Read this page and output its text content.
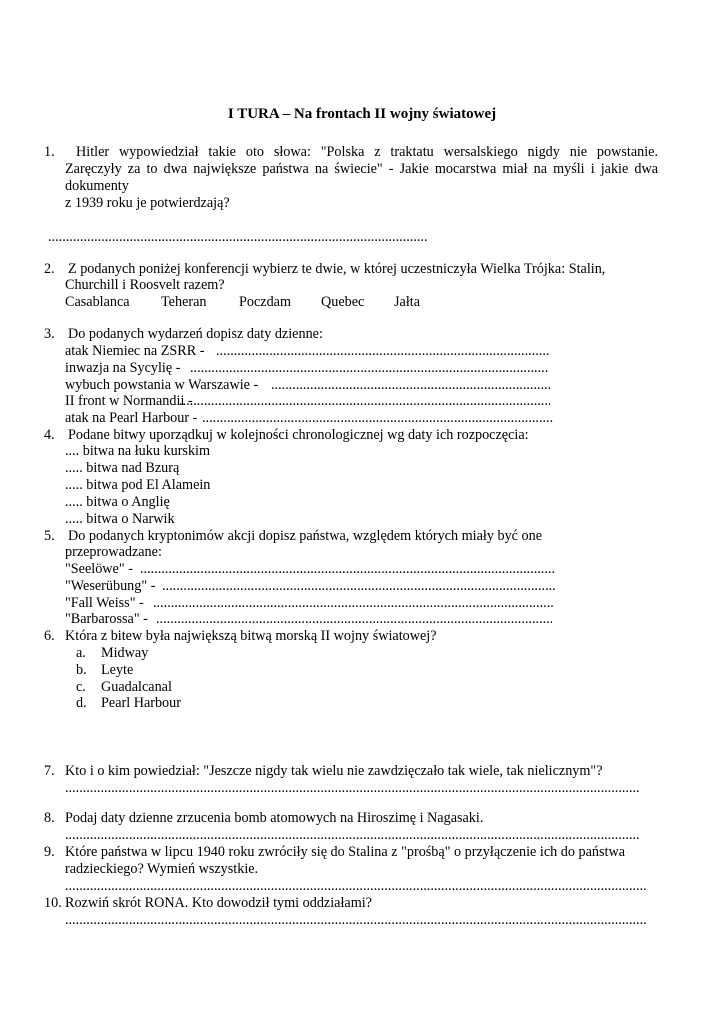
I TURA – Na frontach II wojny światowej
1. Hitler wypowiedział takie oto słowa: "Polska z traktatu wersalskiego nigdy nie powstanie.
Zaręczyły za to dwa największe państwa na świecie" - Jakie mocarstwa miał na myśli i jakie dwa
dokumenty
z 1939 roku je potwierdzają?
.....
2. Z podanych poniżej konferencji wybierz te dwie, w której uczestniczyła Wielka Trójka: Stalin,
Churchill i Roosvelt razem?
Casablanca Teheran Poczdam Quebec Jałta
3. Do podanych wydarzeń dopisz daty dzienne:
atak Niemiec na ZSRR -
.....
inwazja na Sycylię -
.....
wybuch powstania w Warszawie -
.....
II front w Normandii -
.....
atak na Pearl Harbour -
.....
4. Podane bitwy uporządkuj w kolejności chronologicznej wg daty ich rozpoczęcia:
.... bitwa na łuku kurskim
..... bitwa nad Bzurą
..... bitwa pod El Alamein
..... bitwa o Anglię
..... bitwa o Narwik
5. Do podanych kryptonimów akcji dopisz państwa, względem których miały być one
przeprowadzane:
"Seelöwe" -
.....
"Weserübung" -
.....
"Fall Weiss" -
.....
"Barbarossa" -
.....
6. Która z bitew była największą bitwą morską II wojny światowej?
a. Midway
b. Leyte
c. Guadalcanal
d. Pearl Harbour
7. Kto i o kim powiedział: "Jeszcze nigdy tak wielu nie zawdzięczało tak wiele, tak nielicznym"?
.....
8. Podaj daty dzienne zrzucenia bomb atomowych na Hiroszimę i Nagasaki.
.....
9. Które państwa w lipcu 1940 roku zwróciły się do Stalina z "prośbą" o przyłączenie ich do państwa
radzieckiego? Wymień wszystkie.
.....
10. Rozwiń skrót RONA. Kto dowodził tymi oddziałami?
.....
